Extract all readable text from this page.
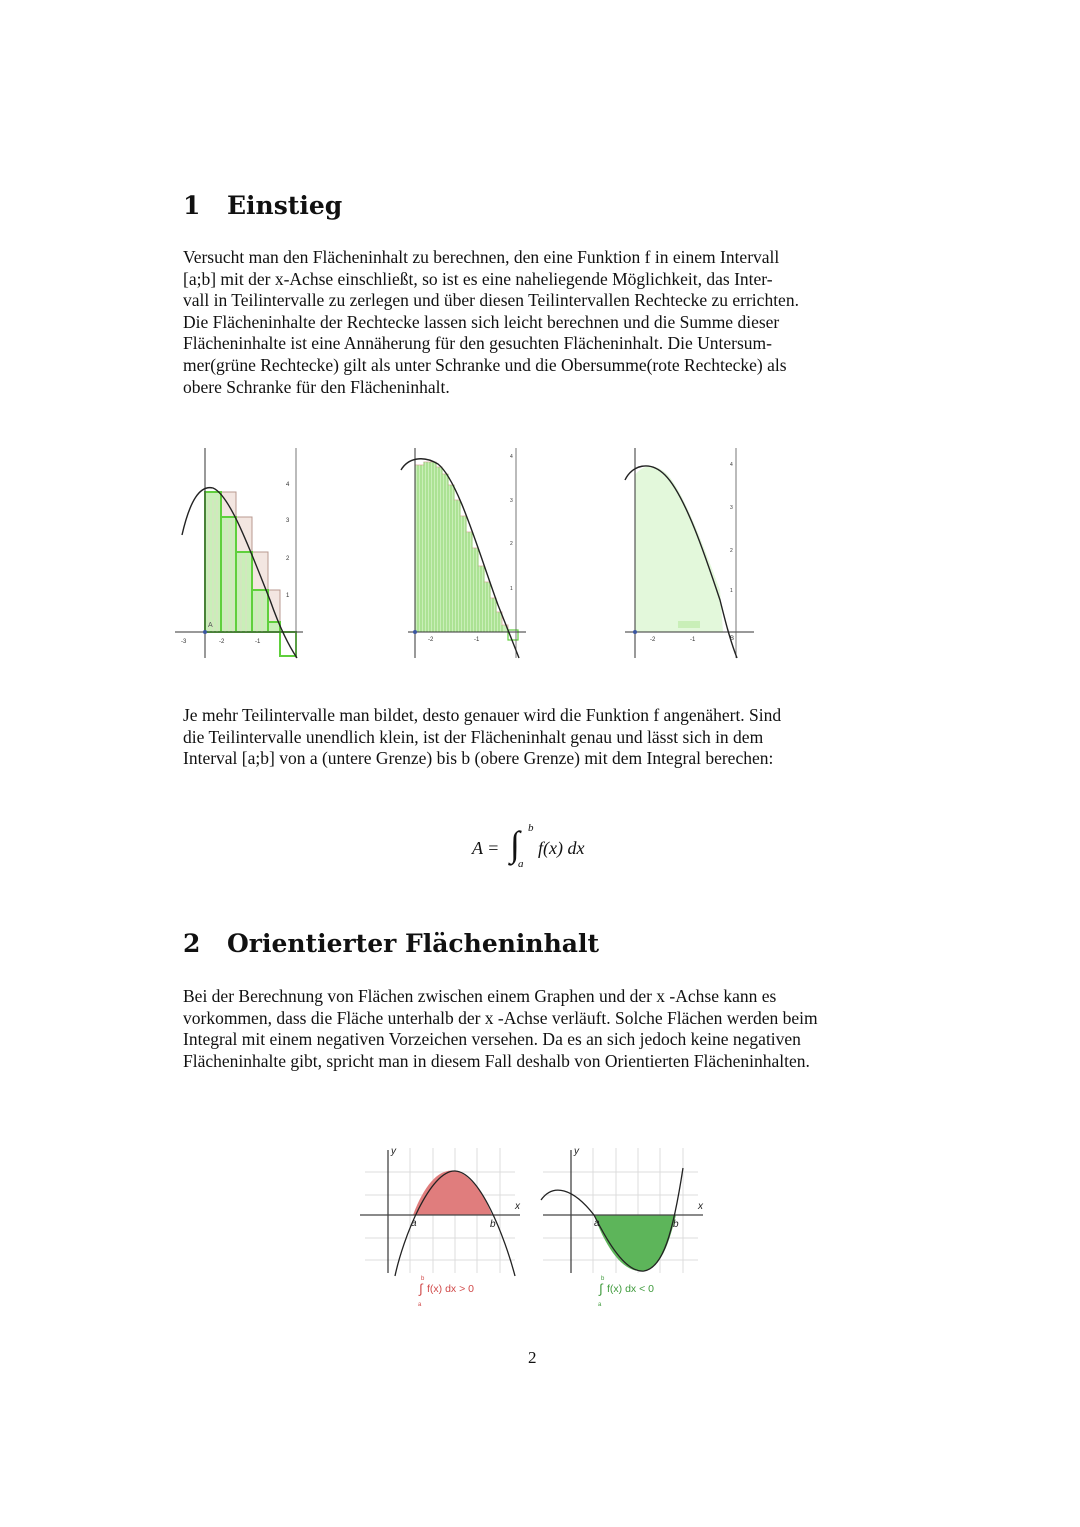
1 Einstieg
Versucht man den Flächeninhalt zu berechnen, den eine Funktion f in einem Intervall
[a;b] mit der x-Achse einschließt, so ist es eine naheliegende Möglichkeit, das Inter-
vall in Teilintervalle zu zerlegen und über diesen Teilintervallen Rechtecke zu errichten.
Die Flächeninhalte der Rechtecke lassen sich leicht berechnen und die Summe dieser
Flächeninhalte ist eine Annäherung für den gesuchten Flächeninhalt. Die Untersum-
mer(grüne Rechtecke) gilt als unter Schranke und die Obersumme(rote Rechtecke) als
obere Schranke für den Flächeninhalt.
A
-3	-2	-1
4
3
2
1
-2	-1
4
3
2
1
-2	-1
4
3
2
1
B
Je mehr Teilintervalle man bildet, desto genauer wird die Funktion f angenähert. Sind
die Teilintervalle unendlich klein, ist der Flächeninhalt genau und lässt sich in dem
Interval [a;b] von a (untere Grenze) bis b (obere Grenze) mit dem Integral berechen:
A = ∫ b
a
f(x) dx
2 Orientierter Flächeninhalt
Bei der Berechnung von Flächen zwischen einem Graphen und der x -Achse kann es
vorkommen, dass die Fläche unterhalb der x -Achse verläuft. Solche Flächen werden beim
Integral mit einem negativen Vorzeichen versehen. Da es an sich jedoch keine negativen
Flächeninhalte gibt, spricht man in diesem Fall deshalb von Orientierten Flächeninhalten.
y
x
a	b
∫
b
a
f(x) dx > 0
y
x
a	b
∫
b
a
f(x) dx < 0
2
